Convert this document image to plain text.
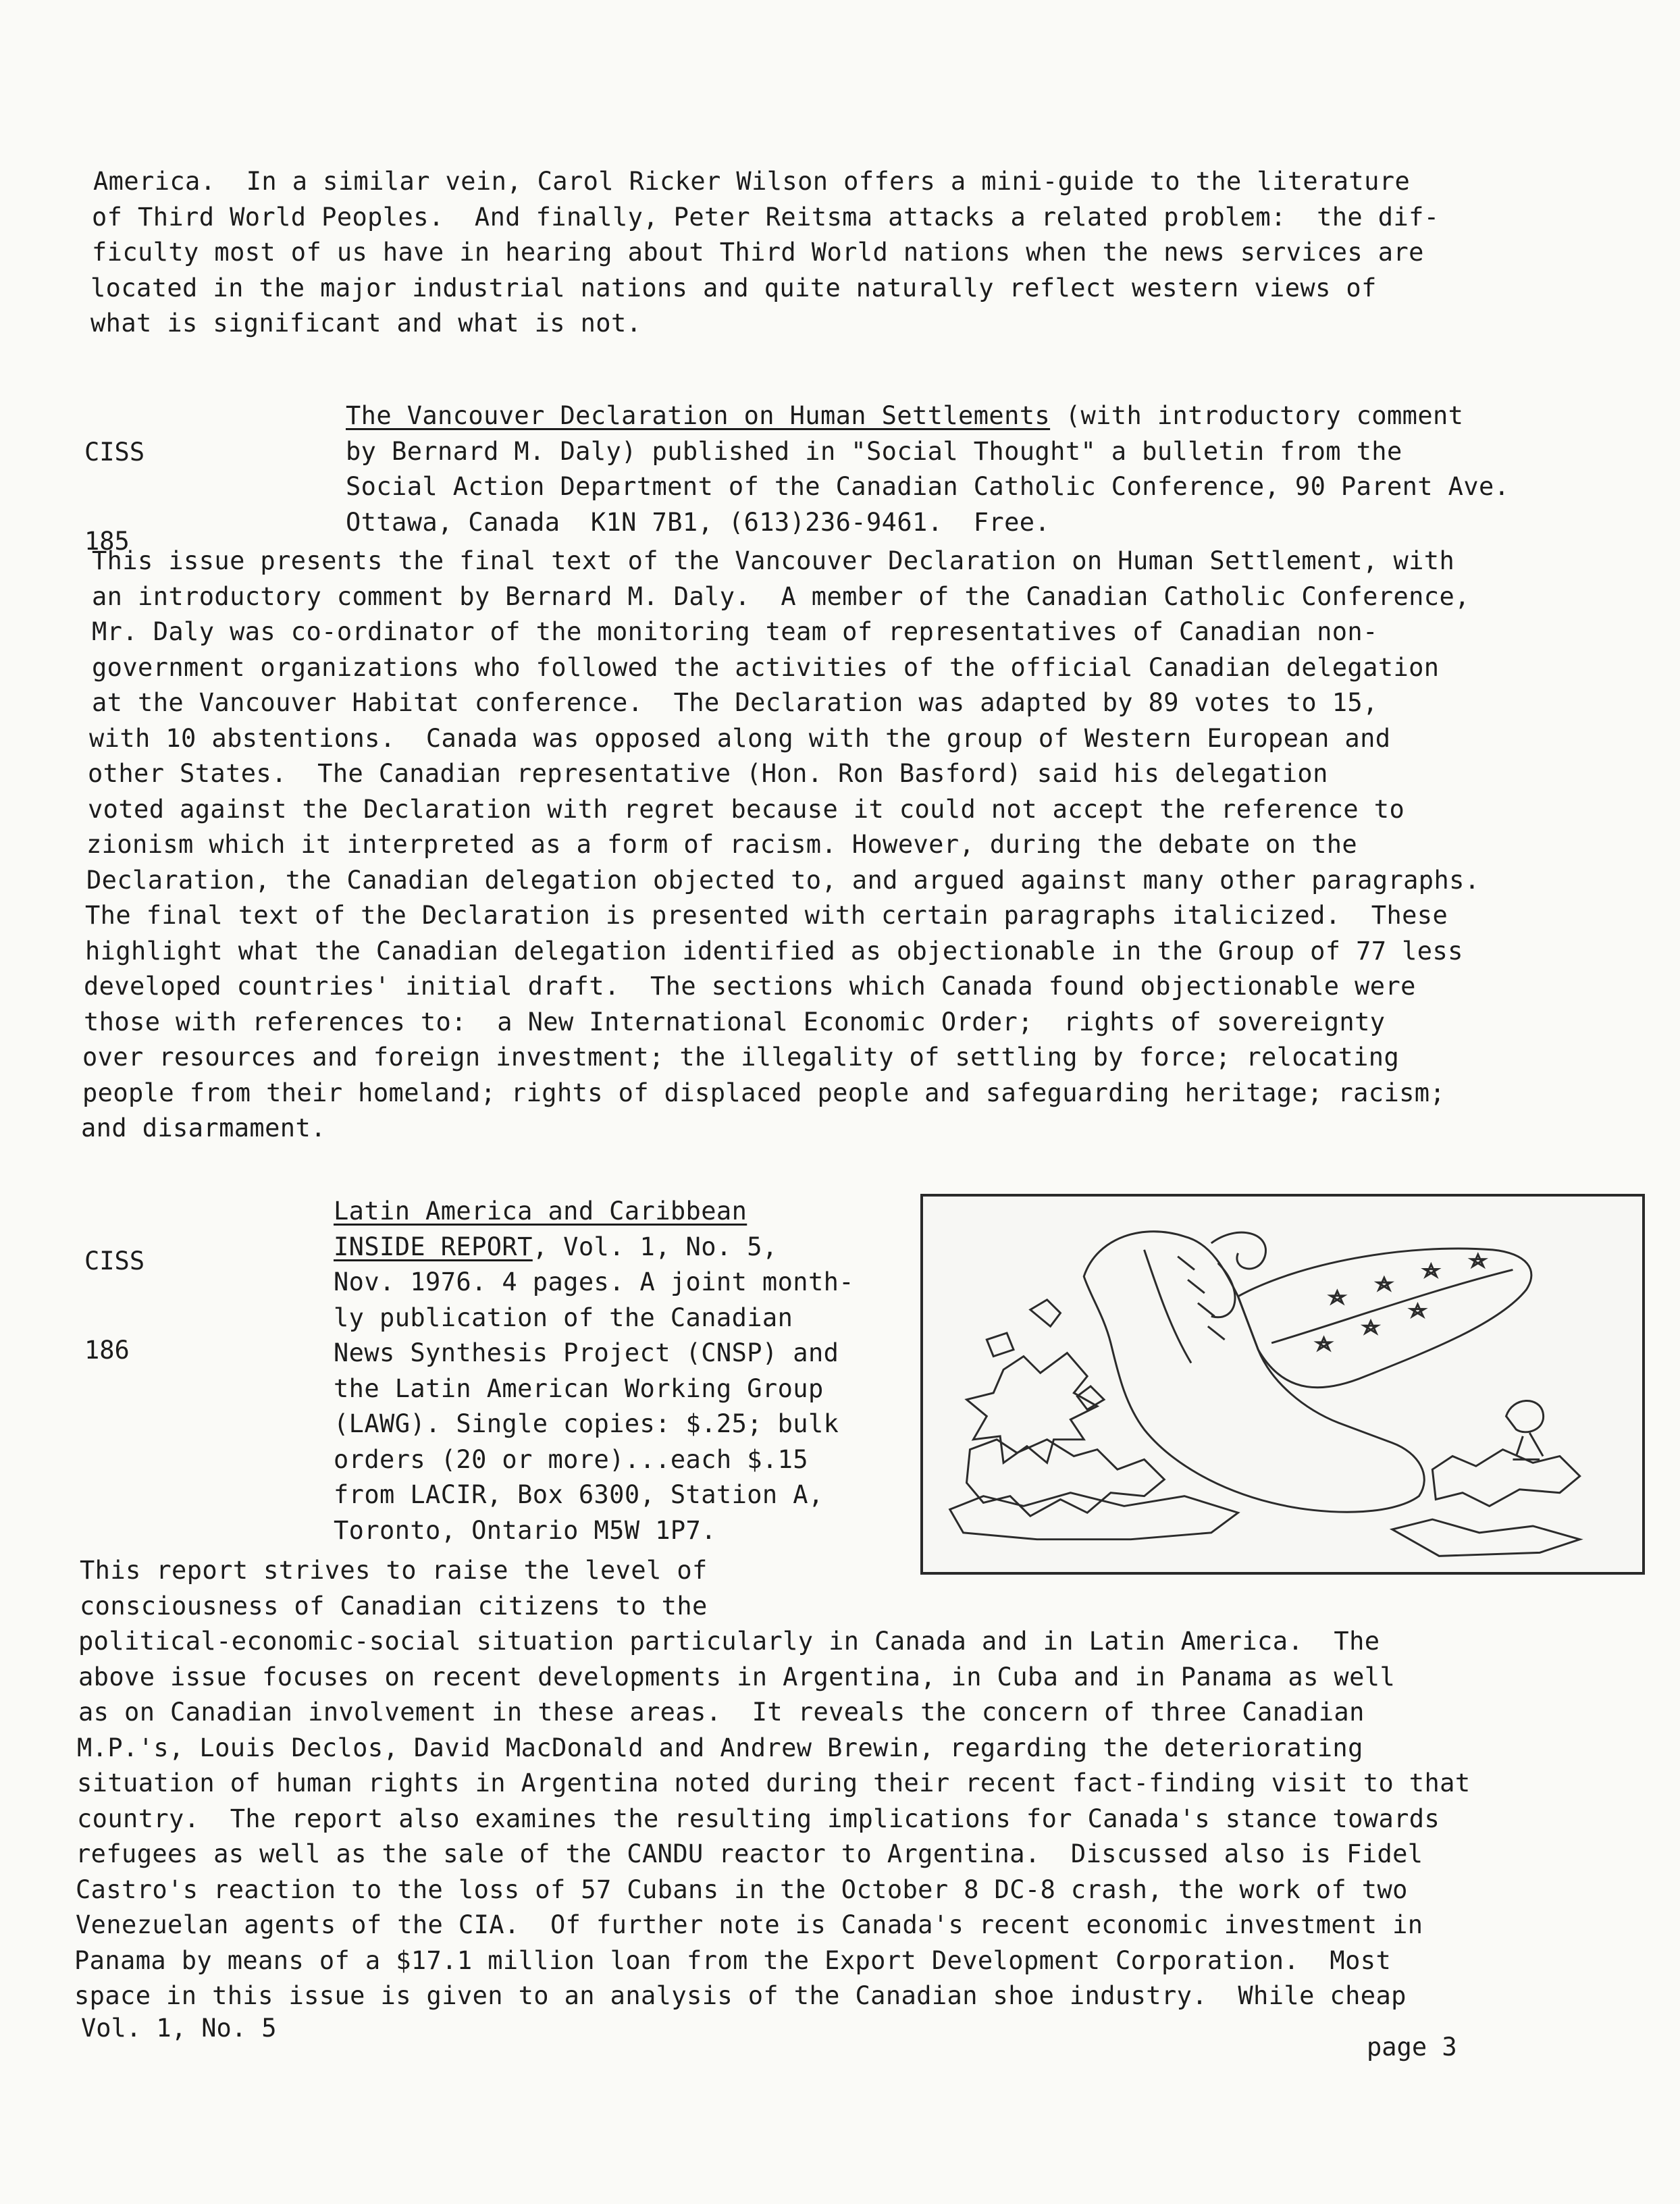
America.  In a similar vein, Carol Ricker Wilson offers a mini-guide to the literature
of Third World Peoples.  And finally, Peter Reitsma attacks a related problem:  the dif-
ficulty most of us have in hearing about Third World nations when the news services are
located in the major industrial nations and quite naturally reflect western views of
what is significant and what is not.

CISS

185

The Vancouver Declaration on Human Settlements (with introductory comment
by Bernard M. Daly) published in "Social Thought" a bulletin from the
Social Action Department of the Canadian Catholic Conference, 90 Parent Ave.
Ottawa, Canada  K1N 7B1, (613)236-9461.  Free.
This issue presents the final text of the Vancouver Declaration on Human Settlement, with
an introductory comment by Bernard M. Daly.  A member of the Canadian Catholic Conference,
Mr. Daly was co-ordinator of the monitoring team of representatives of Canadian non-
government organizations who followed the activities of the official Canadian delegation
at the Vancouver Habitat conference.  The Declaration was adapted by 89 votes to 15,
with 10 abstentions.  Canada was opposed along with the group of Western European and
other States.  The Canadian representative (Hon. Ron Basford) said his delegation
voted against the Declaration with regret because it could not accept the reference to
zionism which it interpreted as a form of racism. However, during the debate on the
Declaration, the Canadian delegation objected to, and argued against many other paragraphs.
The final text of the Declaration is presented with certain paragraphs italicized.  These
highlight what the Canadian delegation identified as objectionable in the Group of 77 less
developed countries' initial draft.  The sections which Canada found objectionable were
those with references to:  a New International Economic Order;  rights of sovereignty
over resources and foreign investment; the illegality of settling by force; relocating
people from their homeland; rights of displaced people and safeguarding heritage; racism;
and disarmament.

CISS

186

Latin America and Caribbean
INSIDE REPORT, Vol. 1, No. 5,
Nov. 1976. 4 pages. A joint month-
ly publication of the Canadian
News Synthesis Project (CNSP) and
the Latin American Working Group
(LAWG). Single copies: $.25; bulk
orders (20 or more)...each $.15
from LACIR, Box 6300, Station A,
Toronto, Ontario M5W 1P7.
This report strives to raise the level of
consciousness of Canadian citizens to the
political-economic-social situation particularly in Canada and in Latin America.  The
above issue focuses on recent developments in Argentina, in Cuba and in Panama as well
as on Canadian involvement in these areas.  It reveals the concern of three Canadian
M.P.'s, Louis Declos, David MacDonald and Andrew Brewin, regarding the deteriorating
situation of human rights in Argentina noted during their recent fact-finding visit to that
country.  The report also examines the resulting implications for Canada's stance towards
refugees as well as the sale of the CANDU reactor to Argentina.  Discussed also is Fidel
Castro's reaction to the loss of 57 Cubans in the October 8 DC-8 crash, the work of two
Venezuelan agents of the CIA.  Of further note is Canada's recent economic investment in
Panama by means of a $17.1 million loan from the Export Development Corporation.  Most
space in this issue is given to an analysis of the Canadian shoe industry.  While cheap
Vol. 1, No. 5
page 3
